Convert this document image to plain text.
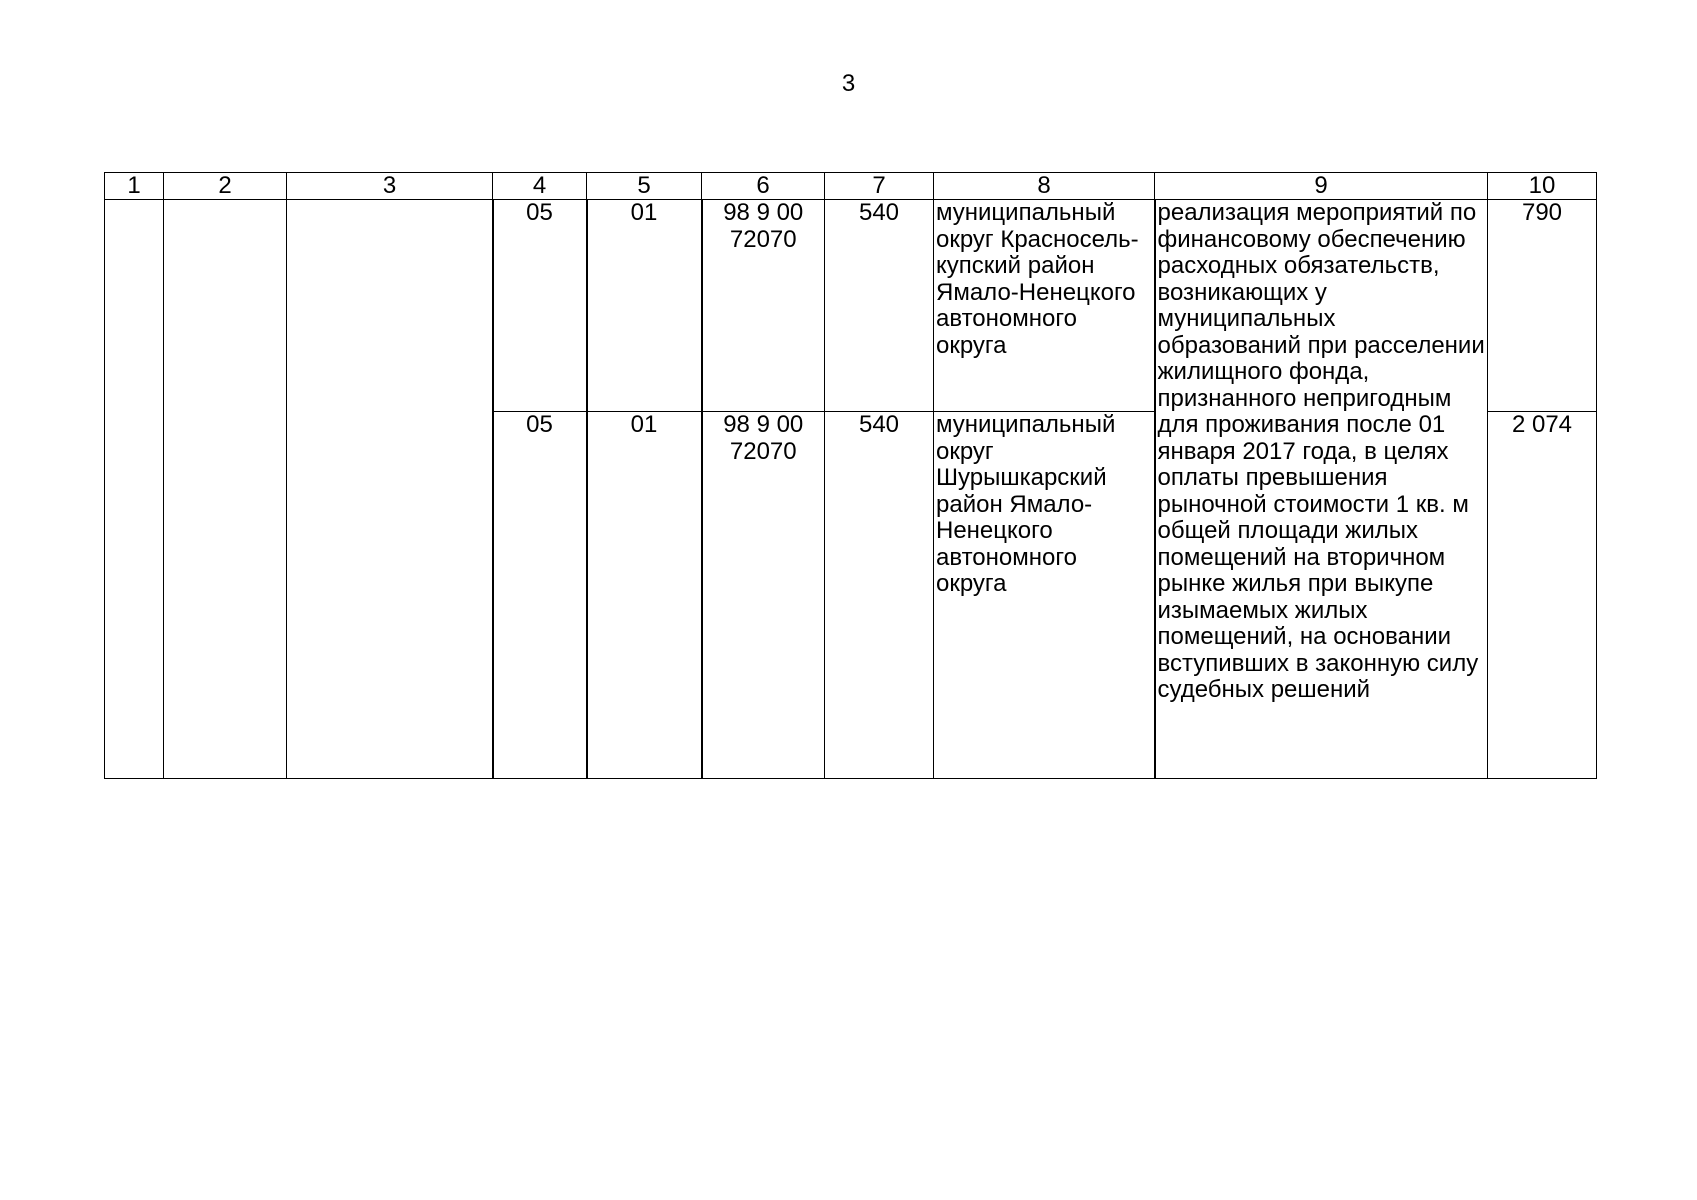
3
1	2	3	4	5	6	7	8	9	10
			05	01	98 9 00 72070	540	муниципальный округ Красносель-купский район Ямало-Ненецкого автономного округа	реализация мероприятий по финансовому обеспечению расходных обязательств, возникающих у муниципальных образований при расселении жилищного фонда, признанного непригодным для проживания после 01 января 2017 года, в целях оплаты превышения рыночной стоимости 1 кв. м общей площади жилых помещений на вторичном рынке жилья при выкупе изымаемых жилых помещений, на основании вступивших в законную силу судебных решений	790
			05	01	98 9 00 72070	540	муниципальный округ Шурышкарский район Ямало-Ненецкого автономного округа		2 074
